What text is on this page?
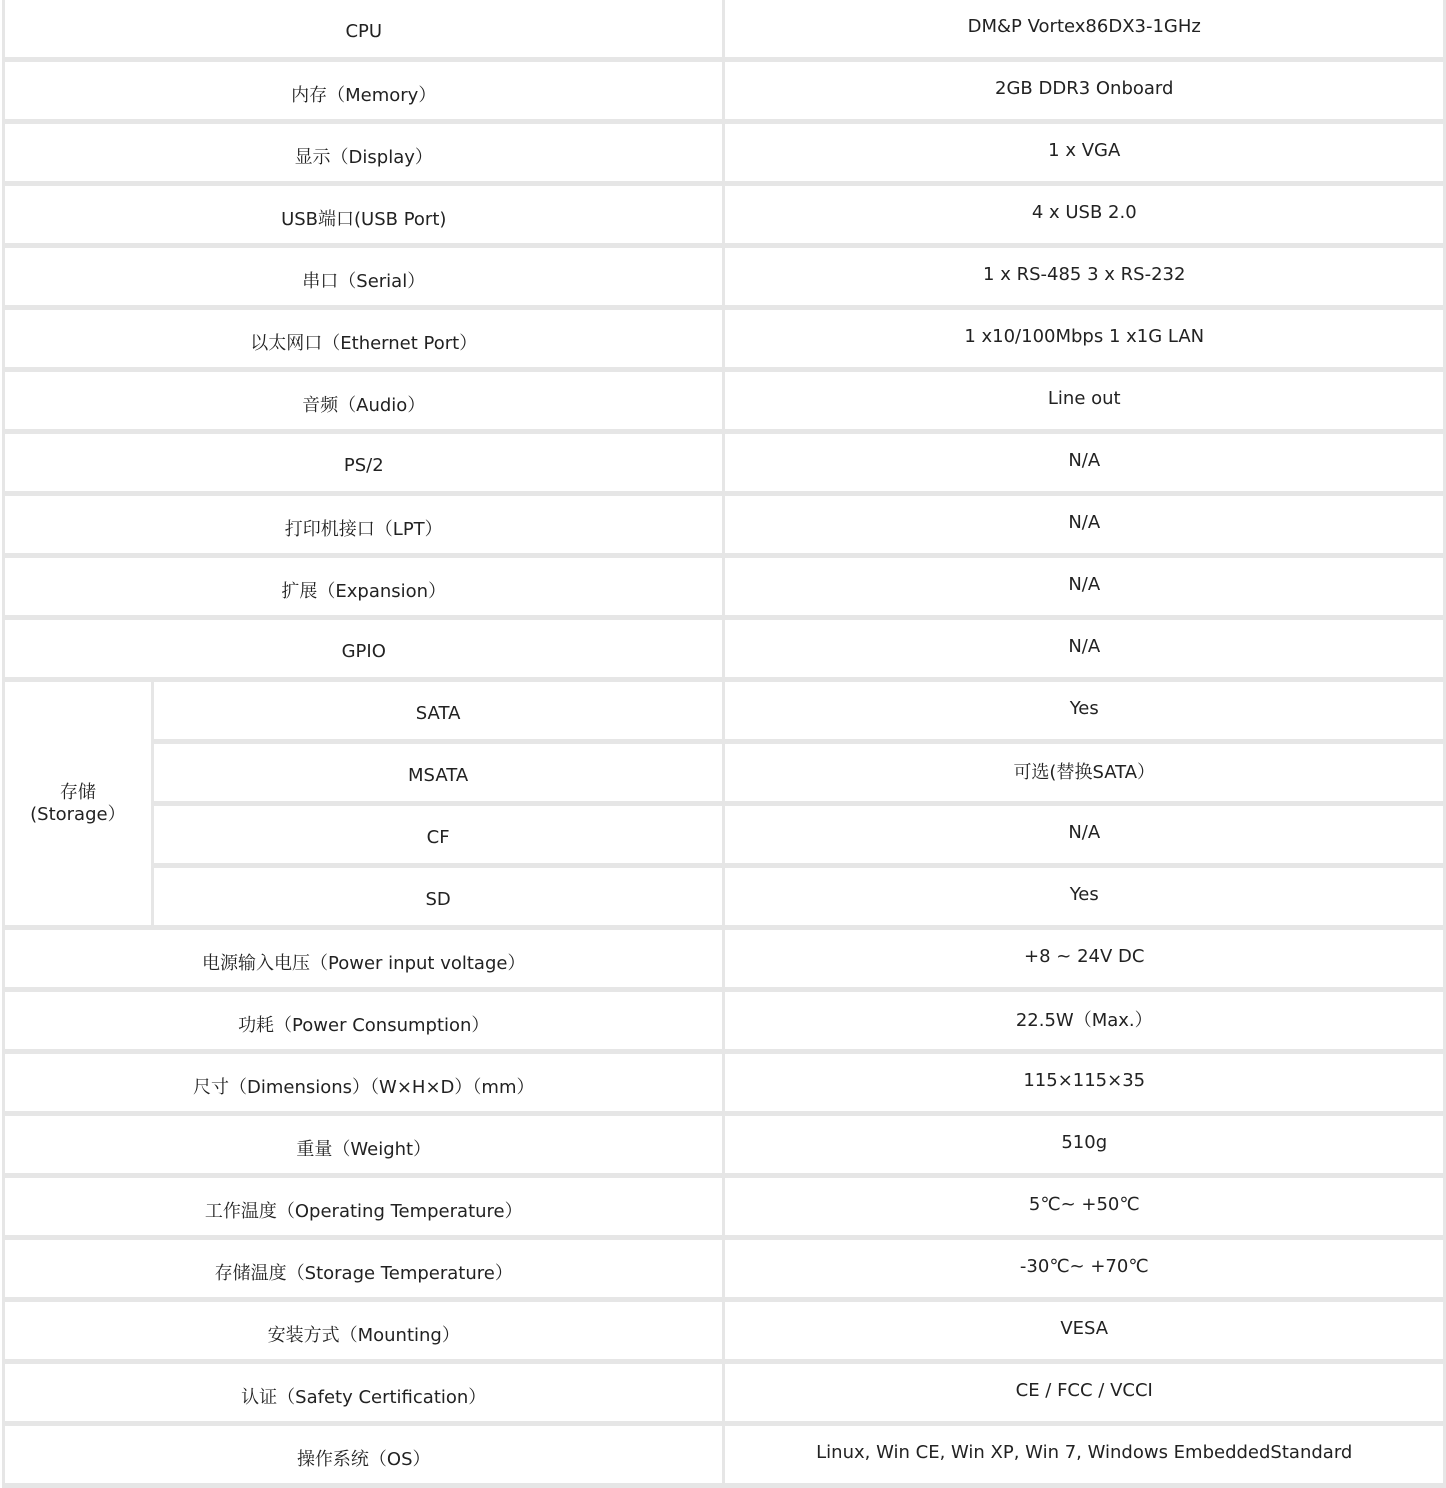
CPU		DM&P Vortex86DX3-1GHz
内存（Memory）		2GB DDR3 Onboard
显示（Display）		1 x VGA
USB端口(USB Port)		4 x USB 2.0
串口（Serial）		1 x RS-485 3 x RS-232
以太网口（Ethernet Port）		1 x10/100Mbps 1 x1G LAN
音频（Audio）		Line out
PS/2		N/A
打印机接口（LPT）		N/A
扩展（Expansion）		N/A
GPIO		N/A

存储
(Storage）	SATA	Yes
	MSATA	可选(替换SATA）
	CF	N/A
	SD	Yes
电源输入电压（Power input voltage）		+8 ~ 24V DC
功耗（Power Consumption）		22.5W（Max.）
尺寸（Dimensions）（W×H×D）（mm）		115×115×35
重量（Weight）		510g
工作温度（Operating Temperature）		5℃~ +50℃
存储温度（Storage Temperature）		-30℃~ +70℃
安装方式（Mounting）		VESA
认证（Safety Certification）		CE / FCC / VCCI
操作系统（OS）		Linux, Win CE, Win XP, Win 7, Windows EmbeddedStandard
